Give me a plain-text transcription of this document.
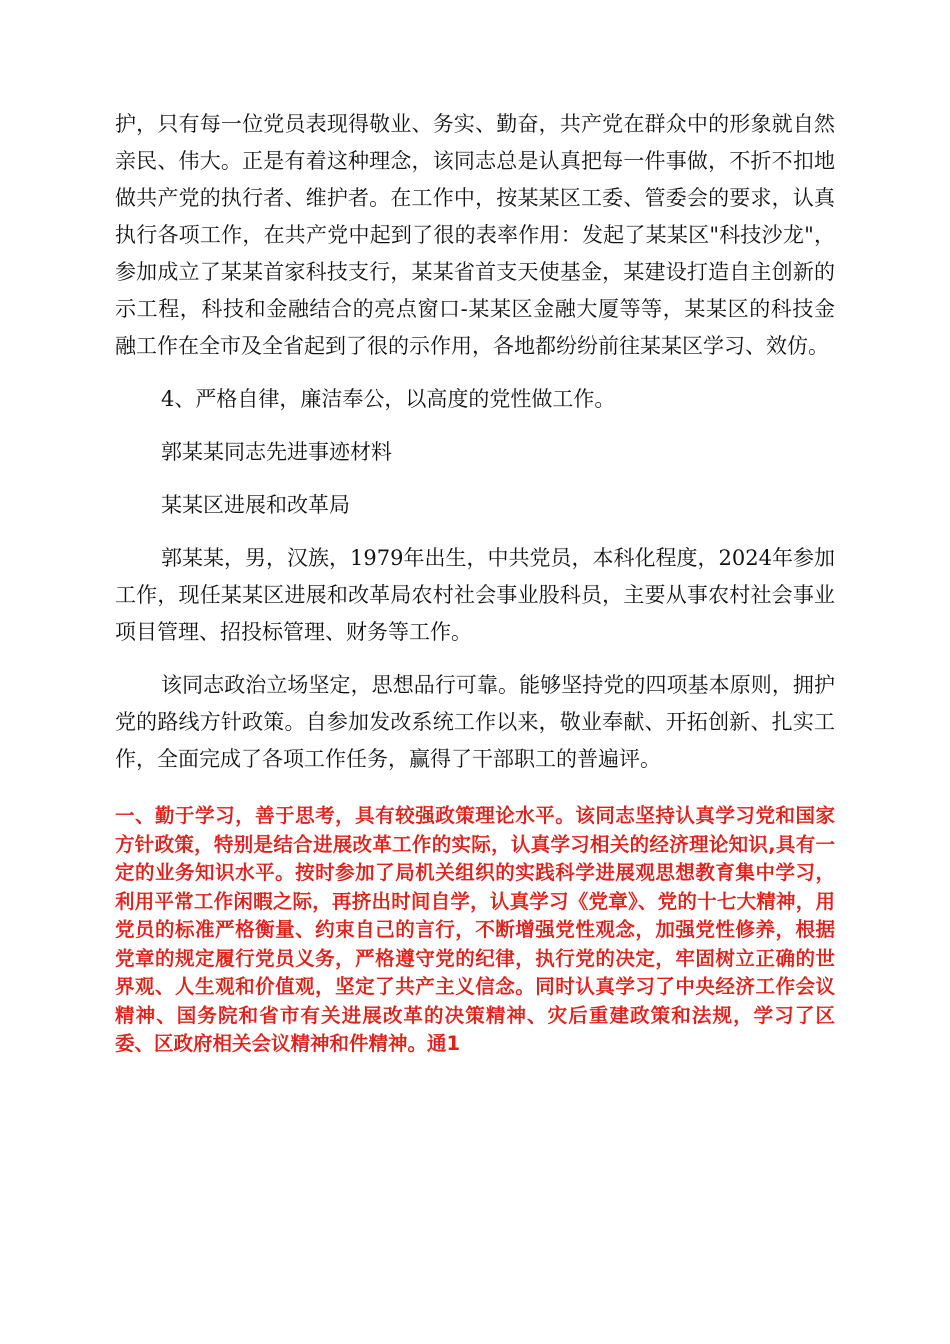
护，只有每一位党员表现得敬业、务实、勤奋，共产党在群众中的形象就自然亲民、伟大。正是有着这种理念，该同志总是认真把每一件事做，不折不扣地做共产党的执行者、维护者。在工作中，按某某区工委、管委会的要求，认真执行各项工作，在共产党中起到了很的表率作用：发起了某某区"科技沙龙"，参加成立了某某首家科技支行，某某省首支天使基金，某建设打造自主创新的示工程，科技和金融结合的亮点窗口-某某区金融大厦等等，某某区的科技金融工作在全市及全省起到了很的示作用，各地都纷纷前往某某区学习、效仿。

4、严格自律，廉洁奉公，以高度的党性做工作。

郭某某同志先进事迹材料

某某区进展和改革局

郭某某，男，汉族，1979年出生，中共党员，本科化程度，2024年参加工作，现任某某区进展和改革局农村社会事业股科员，主要从事农村社会事业项目管理、招投标管理、财务等工作。

该同志政治立场坚定，思想品行可靠。能够坚持党的四项基本原则，拥护党的路线方针政策。自参加发改系统工作以来，敬业奉献、开拓创新、扎实工作，全面完成了各项工作任务，赢得了干部职工的普遍评。

一、勤于学习，善于思考，具有较强政策理论水平。该同志坚持认真学习党和国家方针政策，特别是结合进展改革工作的实际，认真学习相关的经济理论知识,具有一定的业务知识水平。按时参加了局机关组织的实践科学进展观思想教育集中学习，利用平常工作闲暇之际，再挤出时间自学，认真学习《党章》、党的十七大精神，用党员的标准严格衡量、约束自己的言行，不断增强党性观念，加强党性修养，根据党章的规定履行党员义务，严格遵守党的纪律，执行党的决定，牢固树立正确的世界观、人生观和价值观，坚定了共产主义信念。同时认真学习了中央经济工作会议精神、国务院和省市有关进展改革的决策精神、灾后重建政策和法规，学习了区委、区政府相关会议精神和件精神。通1
